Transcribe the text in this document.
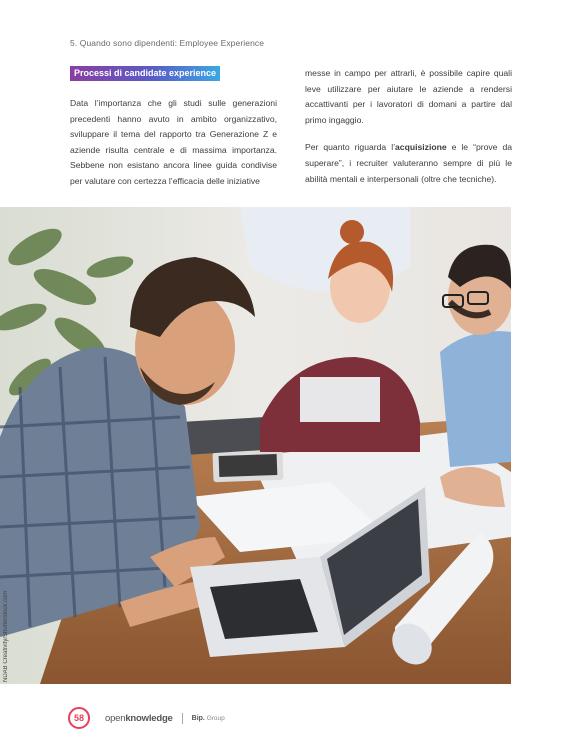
5. Quando sono dipendenti: Employee Experience
Processi di candidate experience

Data l’importanza che gli studi sulle generazioni precedenti hanno avuto in ambito organizzativo, sviluppare il tema del rapporto tra Generazione Z e aziende risulta centrale e di massima importanza. Sebbene non esistano ancora linee guida condivise per valutare con certezza l’efficacia delle iniziative

messe in campo per attrarli, è possibile capire quali leve utilizzare per aiutare le aziende a rendersi accattivanti per i lavoratori di domani a partire dal primo ingaggio.

Per quanto riguarda l’acquisizione e le “prove da superare”, i recruiter valuteranno sempre di più le abilità mentali e interpersonali (oltre che tecniche).

NDAB Creativity/Shutterstock.com
58	openknowledge	Bip. Group
